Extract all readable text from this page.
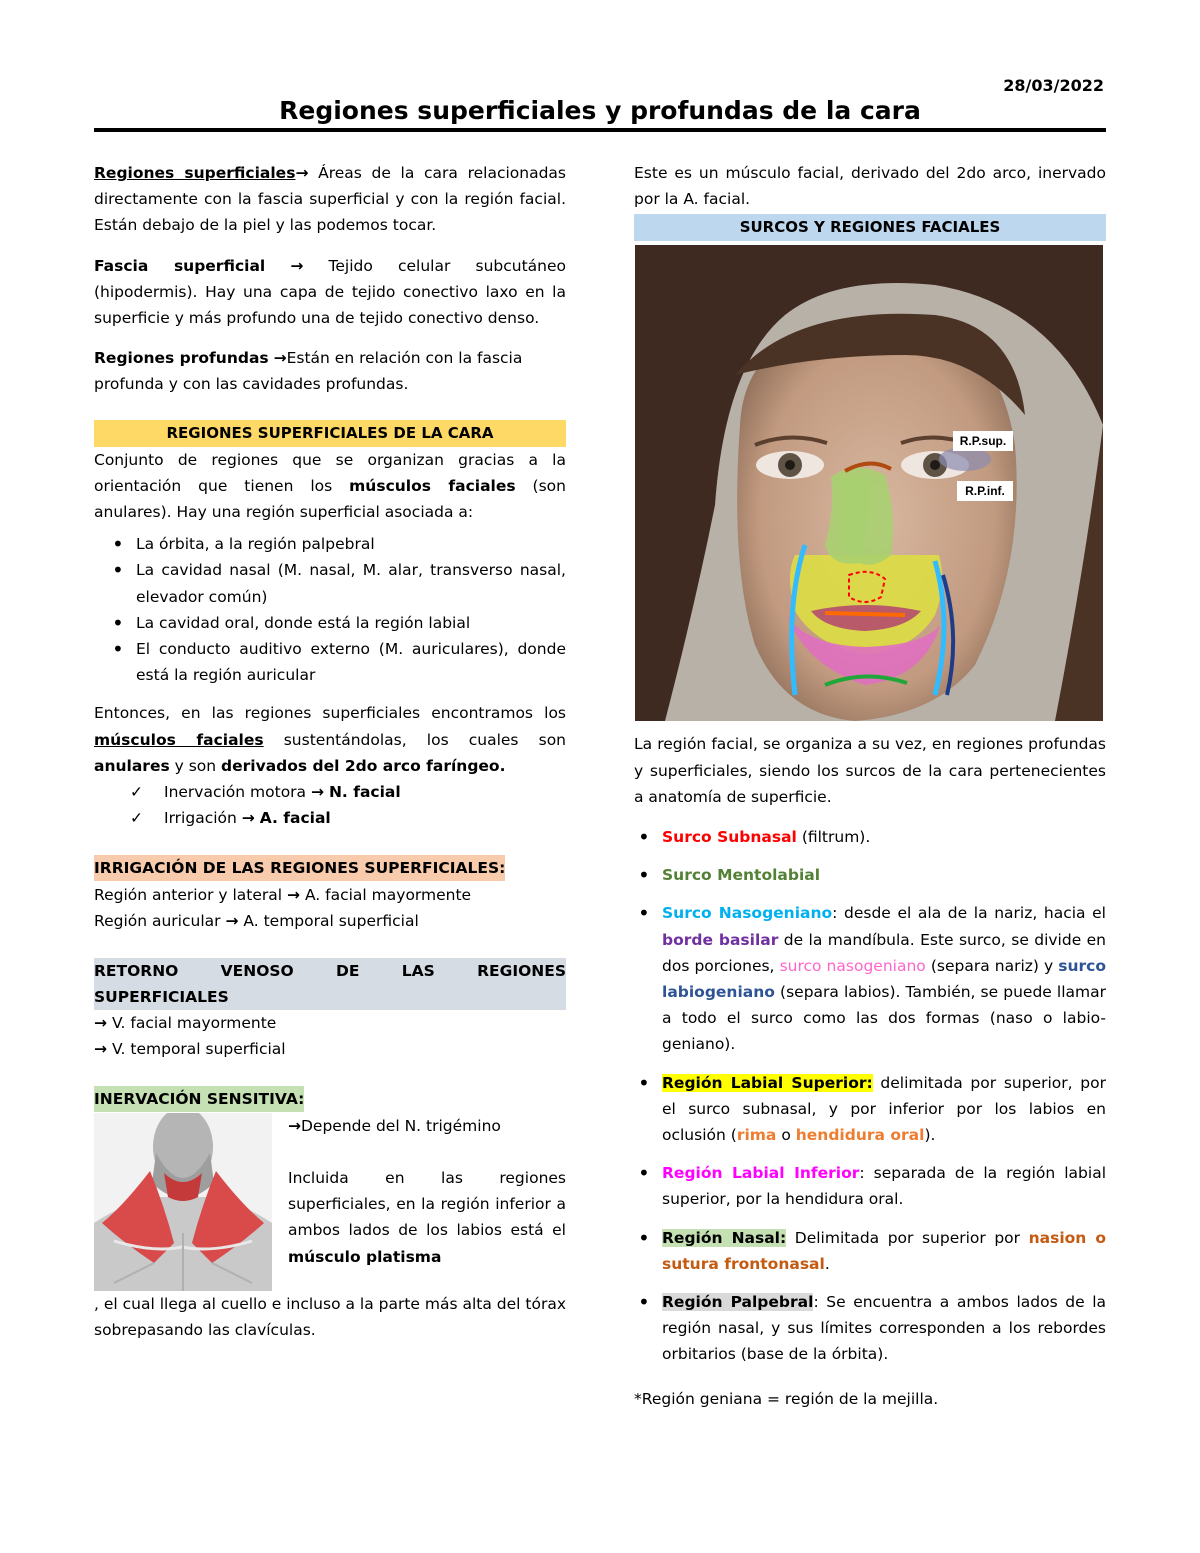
28/03/2022
Regiones superficiales y profundas de la cara

Regiones superficiales→ Áreas de la cara relacionadas directamente con la fascia superficial y con la región facial. Están debajo de la piel y las podemos tocar.

Fascia superficial → Tejido celular subcutáneo (hipodermis). Hay una capa de tejido conectivo laxo en la superficie y más profundo una de tejido conectivo denso.

Regiones profundas →Están en relación con la fascia profunda y con las cavidades profundas.

REGIONES SUPERFICIALES DE LA CARA

Conjunto de regiones que se organizan gracias a la orientación que tienen los músculos faciales (son anulares). Hay una región superficial asociada a:

• La órbita, a la región palpebral
• La cavidad nasal (M. nasal, M. alar, transverso nasal, elevador común)
• La cavidad oral, donde está la región labial
• El conducto auditivo externo (M. auriculares), donde está la región auricular

Entonces, en las regiones superficiales encontramos los músculos faciales sustentándolas, los cuales son anulares y son derivados del 2do arco faríngeo.

✓ Inervación motora → N. facial
✓ Irrigación → A. facial
IRRIGACIÓN DE LAS REGIONES SUPERFICIALES:

Región anterior y lateral → A. facial mayormente

Región auricular → A. temporal superficial

RETORNO VENOSO DE LAS REGIONES SUPERFICIALES

→ V. facial mayormente

→ V. temporal superficial

INERVACIÓN SENSITIVA:

→Depende del N. trigémino

Incluida en las regiones superficiales, en la región inferior a ambos lados de los labios está el músculo platisma

, el cual llega al cuello e incluso a la parte más alta del tórax sobrepasando las clavículas.

Este es un músculo facial, derivado del 2do arco, inervado por la A. facial.

SURCOS Y REGIONES FACIALES
R.P.sup.
R.P.inf.

La región facial, se organiza a su vez, en regiones profundas y superficiales, siendo los surcos de la cara pertenecientes a anatomía de superficie.

• Surco Subnasal (filtrum).
• Surco Mentolabial
• Surco Nasogeniano: desde el ala de la nariz, hacia el borde basilar de la mandíbula. Este surco, se divide en dos porciones, surco nasogeniano (separa nariz) y surco labiogeniano (separa labios). También, se puede llamar a todo el surco como las dos formas (naso o labio-geniano).
• Región Labial Superior: delimitada por superior, por el surco subnasal, y por inferior por los labios en oclusión (rima o hendidura oral).
• Región Labial Inferior: separada de la región labial superior, por la hendidura oral.
• Región Nasal: Delimitada por superior por nasion o sutura frontonasal.
• Región Palpebral: Se encuentra a ambos lados de la región nasal, y sus límites corresponden a los rebordes orbitarios (base de la órbita).

*Región geniana = región de la mejilla.
